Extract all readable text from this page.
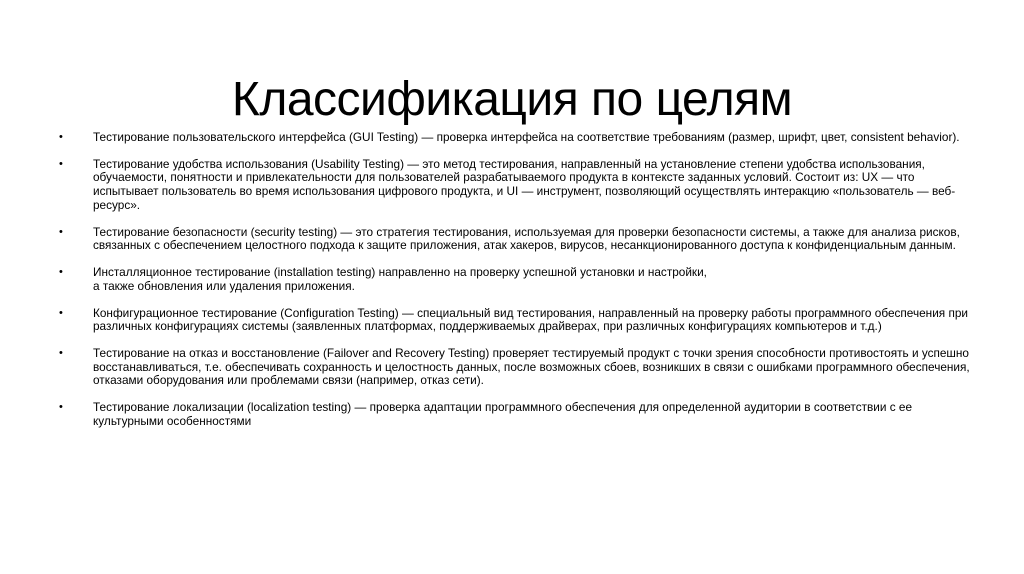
Классификация по целям
•	Тестирование пользовательского интерфейса (GUI Testing) — проверка интерфейса на соответствие требованиям (размер, шрифт, цвет, consistent behavior).
•	Тестирование удобства использования (Usability Testing) — это метод тестирования, направленный на установление степени удобства использования, обучаемости, понятности и привлекательности для пользователей разрабатываемого продукта в контексте заданных условий. Состоит из: UX — что испытывает пользователь во время использования цифрового продукта, и UI — инструмент, позволяющий осуществлять интеракцию «пользователь — веб-ресурс».
•	Тестирование безопасности (security testing) — это стратегия тестирования, используемая для проверки безопасности системы, а также для анализа рисков, связанных с обеспечением целостного подхода к защите приложения, атак хакеров, вирусов, несанкционированного доступа к конфиденциальным данным.
•	Инсталляционное тестирование (installation testing) направленно на проверку успешной установки и настройки,
а также обновления или удаления приложения.
•	Конфигурационное тестирование (Configuration Testing) — специальный вид тестирования, направленный на проверку работы программного обеспечения при различных конфигурациях системы (заявленных платформах, поддерживаемых драйверах, при различных конфигурациях компьютеров и т.д.)
•	Тестирование на отказ и восстановление (Failover and Recovery Testing) проверяет тестируемый продукт с точки зрения способности противостоять и успешно восстанавливаться, т.е. обеспечивать сохранность и целостность данных, после возможных сбоев, возникших в связи с ошибками программного обеспечения, отказами оборудования или проблемами связи (например, отказ сети).
•	Тестирование локализации (localization testing) — проверка адаптации программного обеспечения для определенной аудитории в соответствии с ее культурными особенностями
